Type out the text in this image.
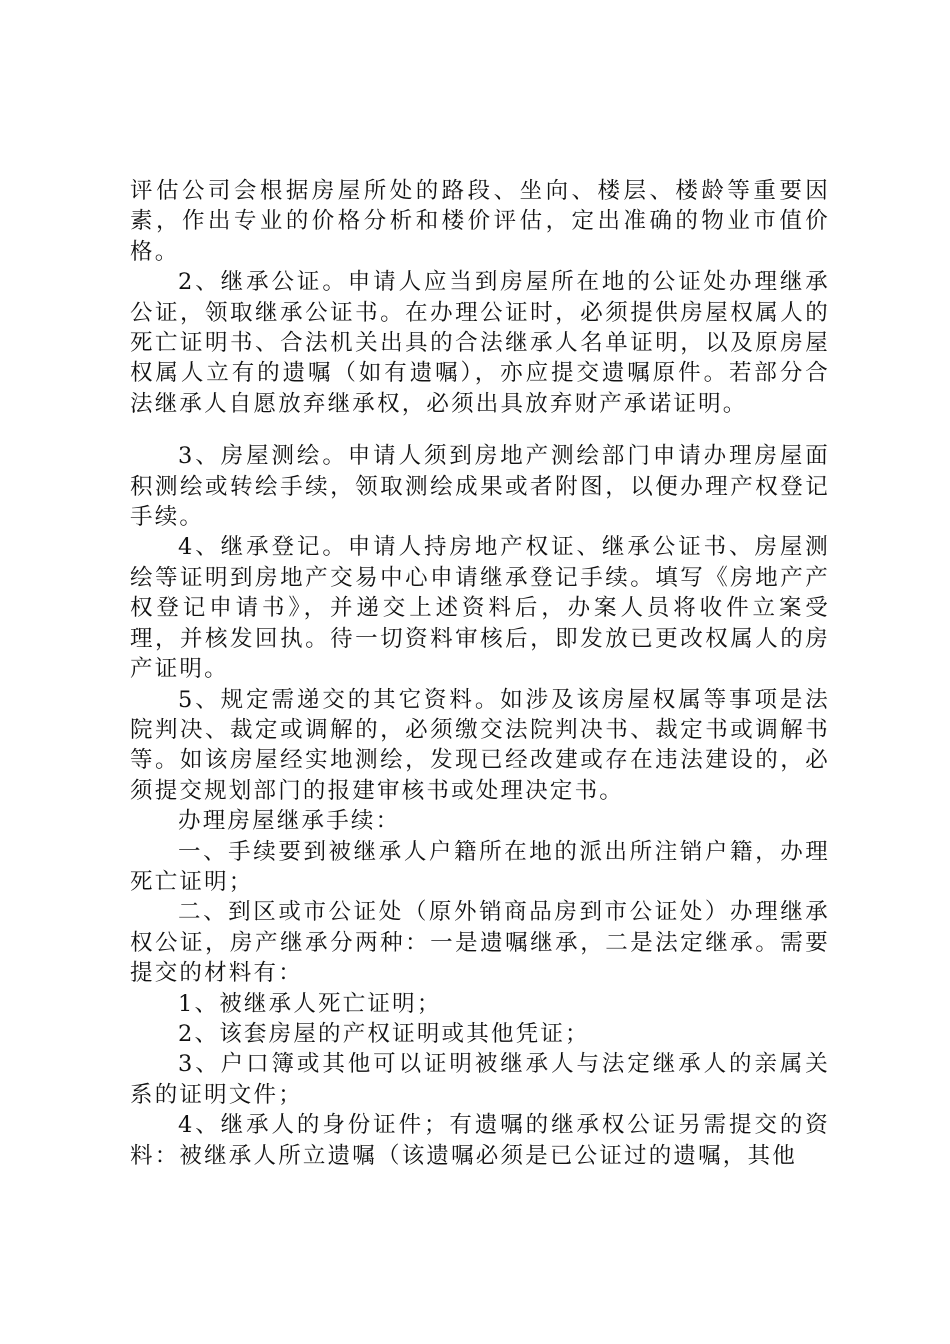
评估公司会根据房屋所处的路段、坐向、楼层、楼龄等重要因素，作出专业的价格分析和楼价评估，定出准确的物业市值价格。

2、继承公证。申请人应当到房屋所在地的公证处办理继承公证，领取继承公证书。在办理公证时，必须提供房屋权属人的死亡证明书、合法机关出具的合法继承人名单证明，以及原房屋权属人立有的遗嘱（如有遗嘱），亦应提交遗嘱原件。若部分合法继承人自愿放弃继承权，必须出具放弃财产承诺证明。

3、房屋测绘。申请人须到房地产测绘部门申请办理房屋面积测绘或转绘手续，领取测绘成果或者附图，以便办理产权登记手续。

4、继承登记。申请人持房地产权证、继承公证书、房屋测绘等证明到房地产交易中心申请继承登记手续。填写《房地产产权登记申请书》，并递交上述资料后，办案人员将收件立案受理，并核发回执。待一切资料审核后，即发放已更改权属人的房产证明。

5、规定需递交的其它资料。如涉及该房屋权属等事项是法院判决、裁定或调解的，必须缴交法院判决书、裁定书或调解书等。如该房屋经实地测绘，发现已经改建或存在违法建设的，必须提交规划部门的报建审核书或处理决定书。

办理房屋继承手续：

一、手续要到被继承人户籍所在地的派出所注销户籍，办理死亡证明；

二、到区或市公证处（原外销商品房到市公证处）办理继承权公证，房产继承分两种：一是遗嘱继承，二是法定继承。需要提交的材料有：

1、被继承人死亡证明；

2、该套房屋的产权证明或其他凭证；

3、户口簿或其他可以证明被继承人与法定继承人的亲属关系的证明文件；

4、继承人的身份证件；有遗嘱的继承权公证另需提交的资料：被继承人所立遗嘱（该遗嘱必须是已公证过的遗嘱，其他
